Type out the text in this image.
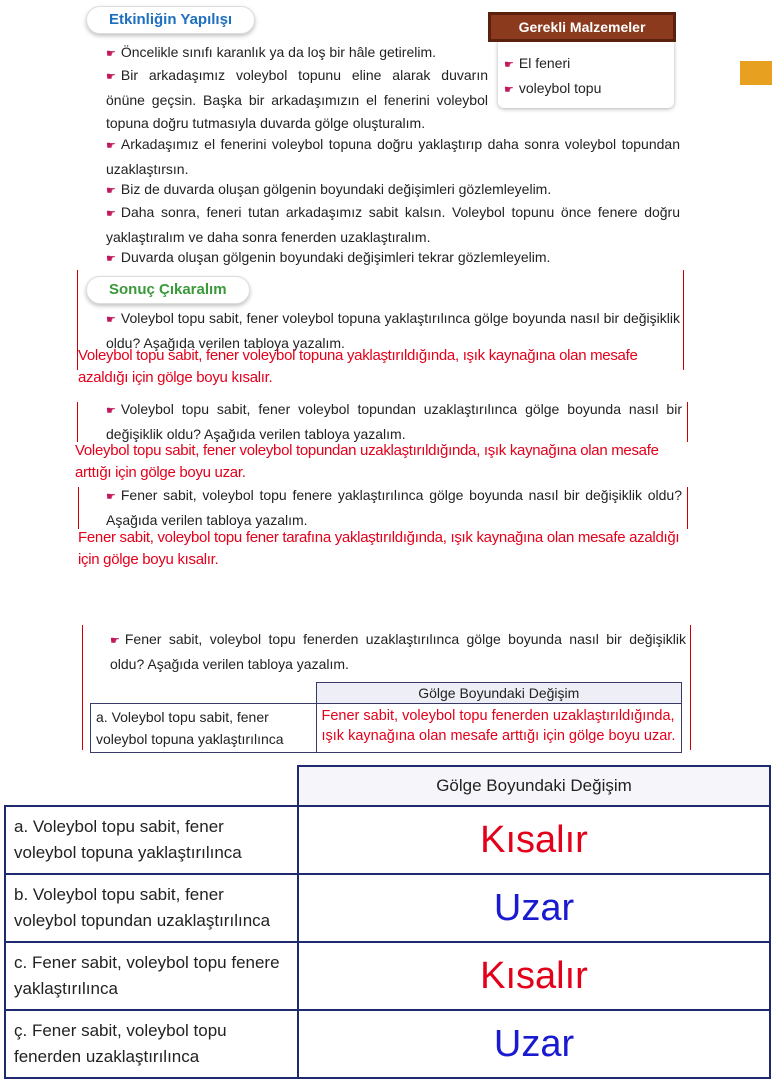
Etkinliğin Yapılışı	Gerekli Malzemeler
☛ El feneri
☛ voleybol topu
☛ Öncelikle sınıfı karanlık ya da loş bir hâle getirelim.
☛ Bir arkadaşımız voleybol topunu eline alarak duvarın önüne geçsin. Başka bir arkadaşımızın el fenerini voleybol topuna doğru tutmasıyla duvarda gölge oluşturalım.
☛ Arkadaşımız el fenerini voleybol topuna doğru yaklaştırıp daha sonra voleybol topundan uzaklaştırsın.
☛ Biz de duvarda oluşan gölgenin boyundaki değişimleri gözlemleyelim.
☛ Daha sonra, feneri tutan arkadaşımız sabit kalsın. Voleybol topunu önce fenere doğru yaklaştıralım ve daha sonra fenerden uzaklaştıralım.
☛ Duvarda oluşan gölgenin boyundaki değişimleri tekrar gözlemleyelim.
Sonuç Çıkaralım
☛ Voleybol topu sabit, fener voleybol topuna yaklaştırılınca gölge boyunda nasıl bir değişiklik oldu? Aşağıda verilen tabloya yazalım.
Voleybol topu sabit, fener voleybol topuna yaklaştırıldığında, ışık kaynağına olan mesafe azaldığı için gölge boyu kısalır.
☛ Voleybol topu sabit, fener voleybol topundan uzaklaştırılınca gölge boyunda nasıl bir değişiklik oldu? Aşağıda verilen tabloya yazalım.
Voleybol topu sabit, fener voleybol topundan uzaklaştırıldığında, ışık kaynağına olan mesafe arttığı için gölge boyu uzar.
☛ Fener sabit, voleybol topu fenere yaklaştırılınca gölge boyunda nasıl bir değişiklik oldu? Aşağıda verilen tabloya yazalım.
Fener sabit, voleybol topu fener tarafına yaklaştırıldığında, ışık kaynağına olan mesafe azaldığı için gölge boyu kısalır.
☛ Fener sabit, voleybol topu fenerden uzaklaştırılınca gölge boyunda nasıl bir değişiklik oldu? Aşağıda verilen tabloya yazalım.
	Gölge Boyundaki Değişim
a. Voleybol topu sabit, fener voleybol topuna yaklaştırılınca	Fener sabit, voleybol topu fenerden uzaklaştırıldığında, ışık kaynağına olan mesafe arttığı için gölge boyu uzar.
	Gölge Boyundaki Değişim
a. Voleybol topu sabit, fener voleybol topuna yaklaştırılınca	Kısalır
b. Voleybol topu sabit, fener voleybol topundan uzaklaştırılınca	Uzar
c. Fener sabit, voleybol topu fenere yaklaştırılınca	Kısalır
ç. Fener sabit, voleybol topu fenerden uzaklaştırılınca	Uzar
